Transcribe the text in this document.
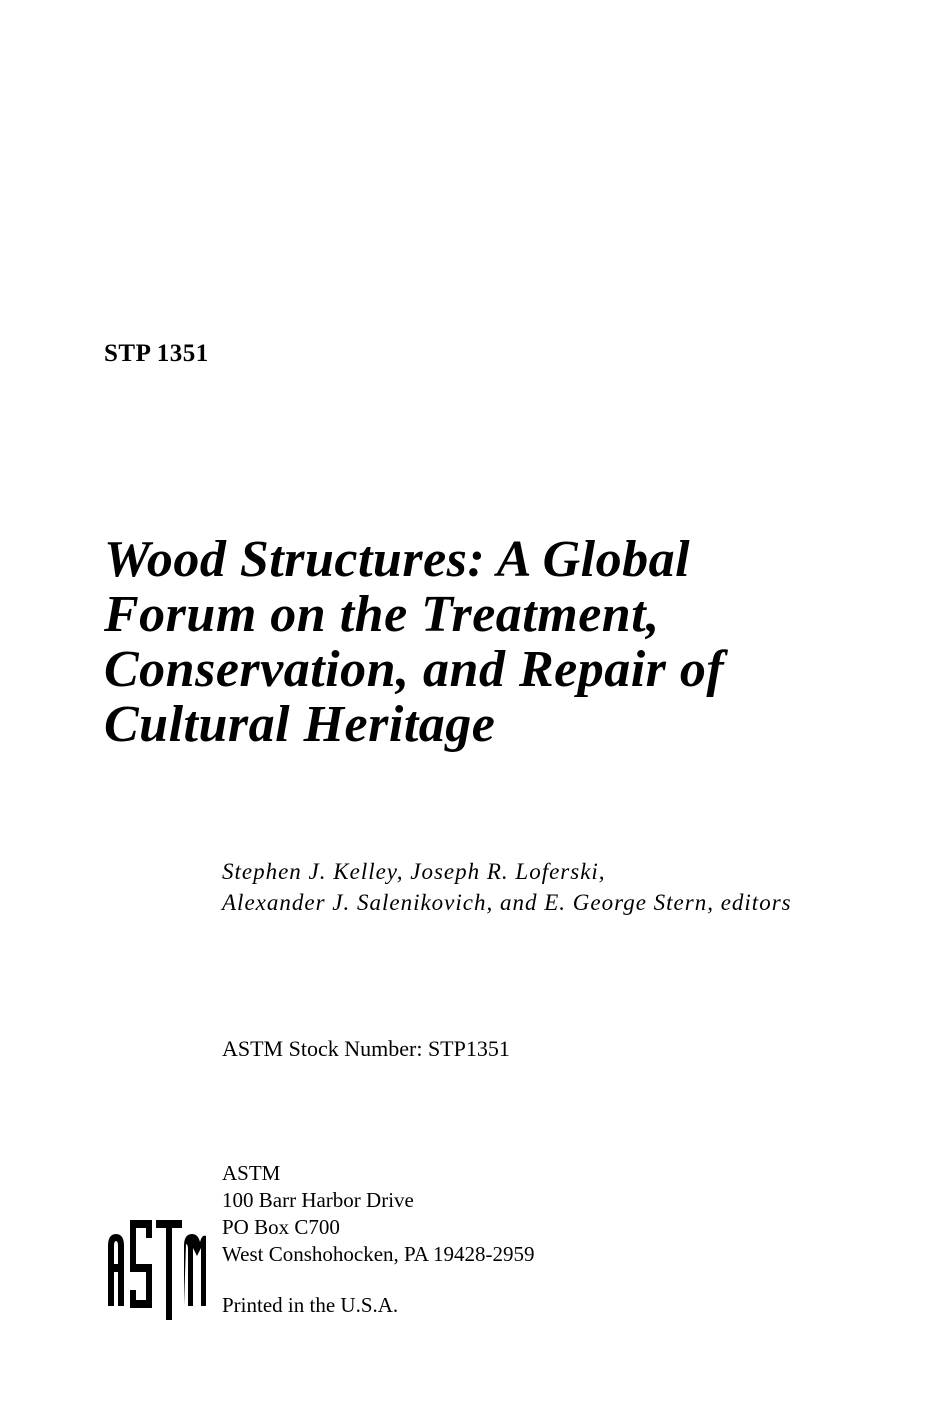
STP 1351
Wood Structures: A Global
Forum on the Treatment,
Conservation, and Repair of
Cultural Heritage
Stephen J. Kelley, Joseph R. Loferski,
Alexander J. Salenikovich, and E. George Stern, editors
ASTM Stock Number: STP1351
ASTM
100 Barr Harbor Drive
PO Box C700
West Conshohocken, PA 19428-2959
Printed in the U.S.A.
